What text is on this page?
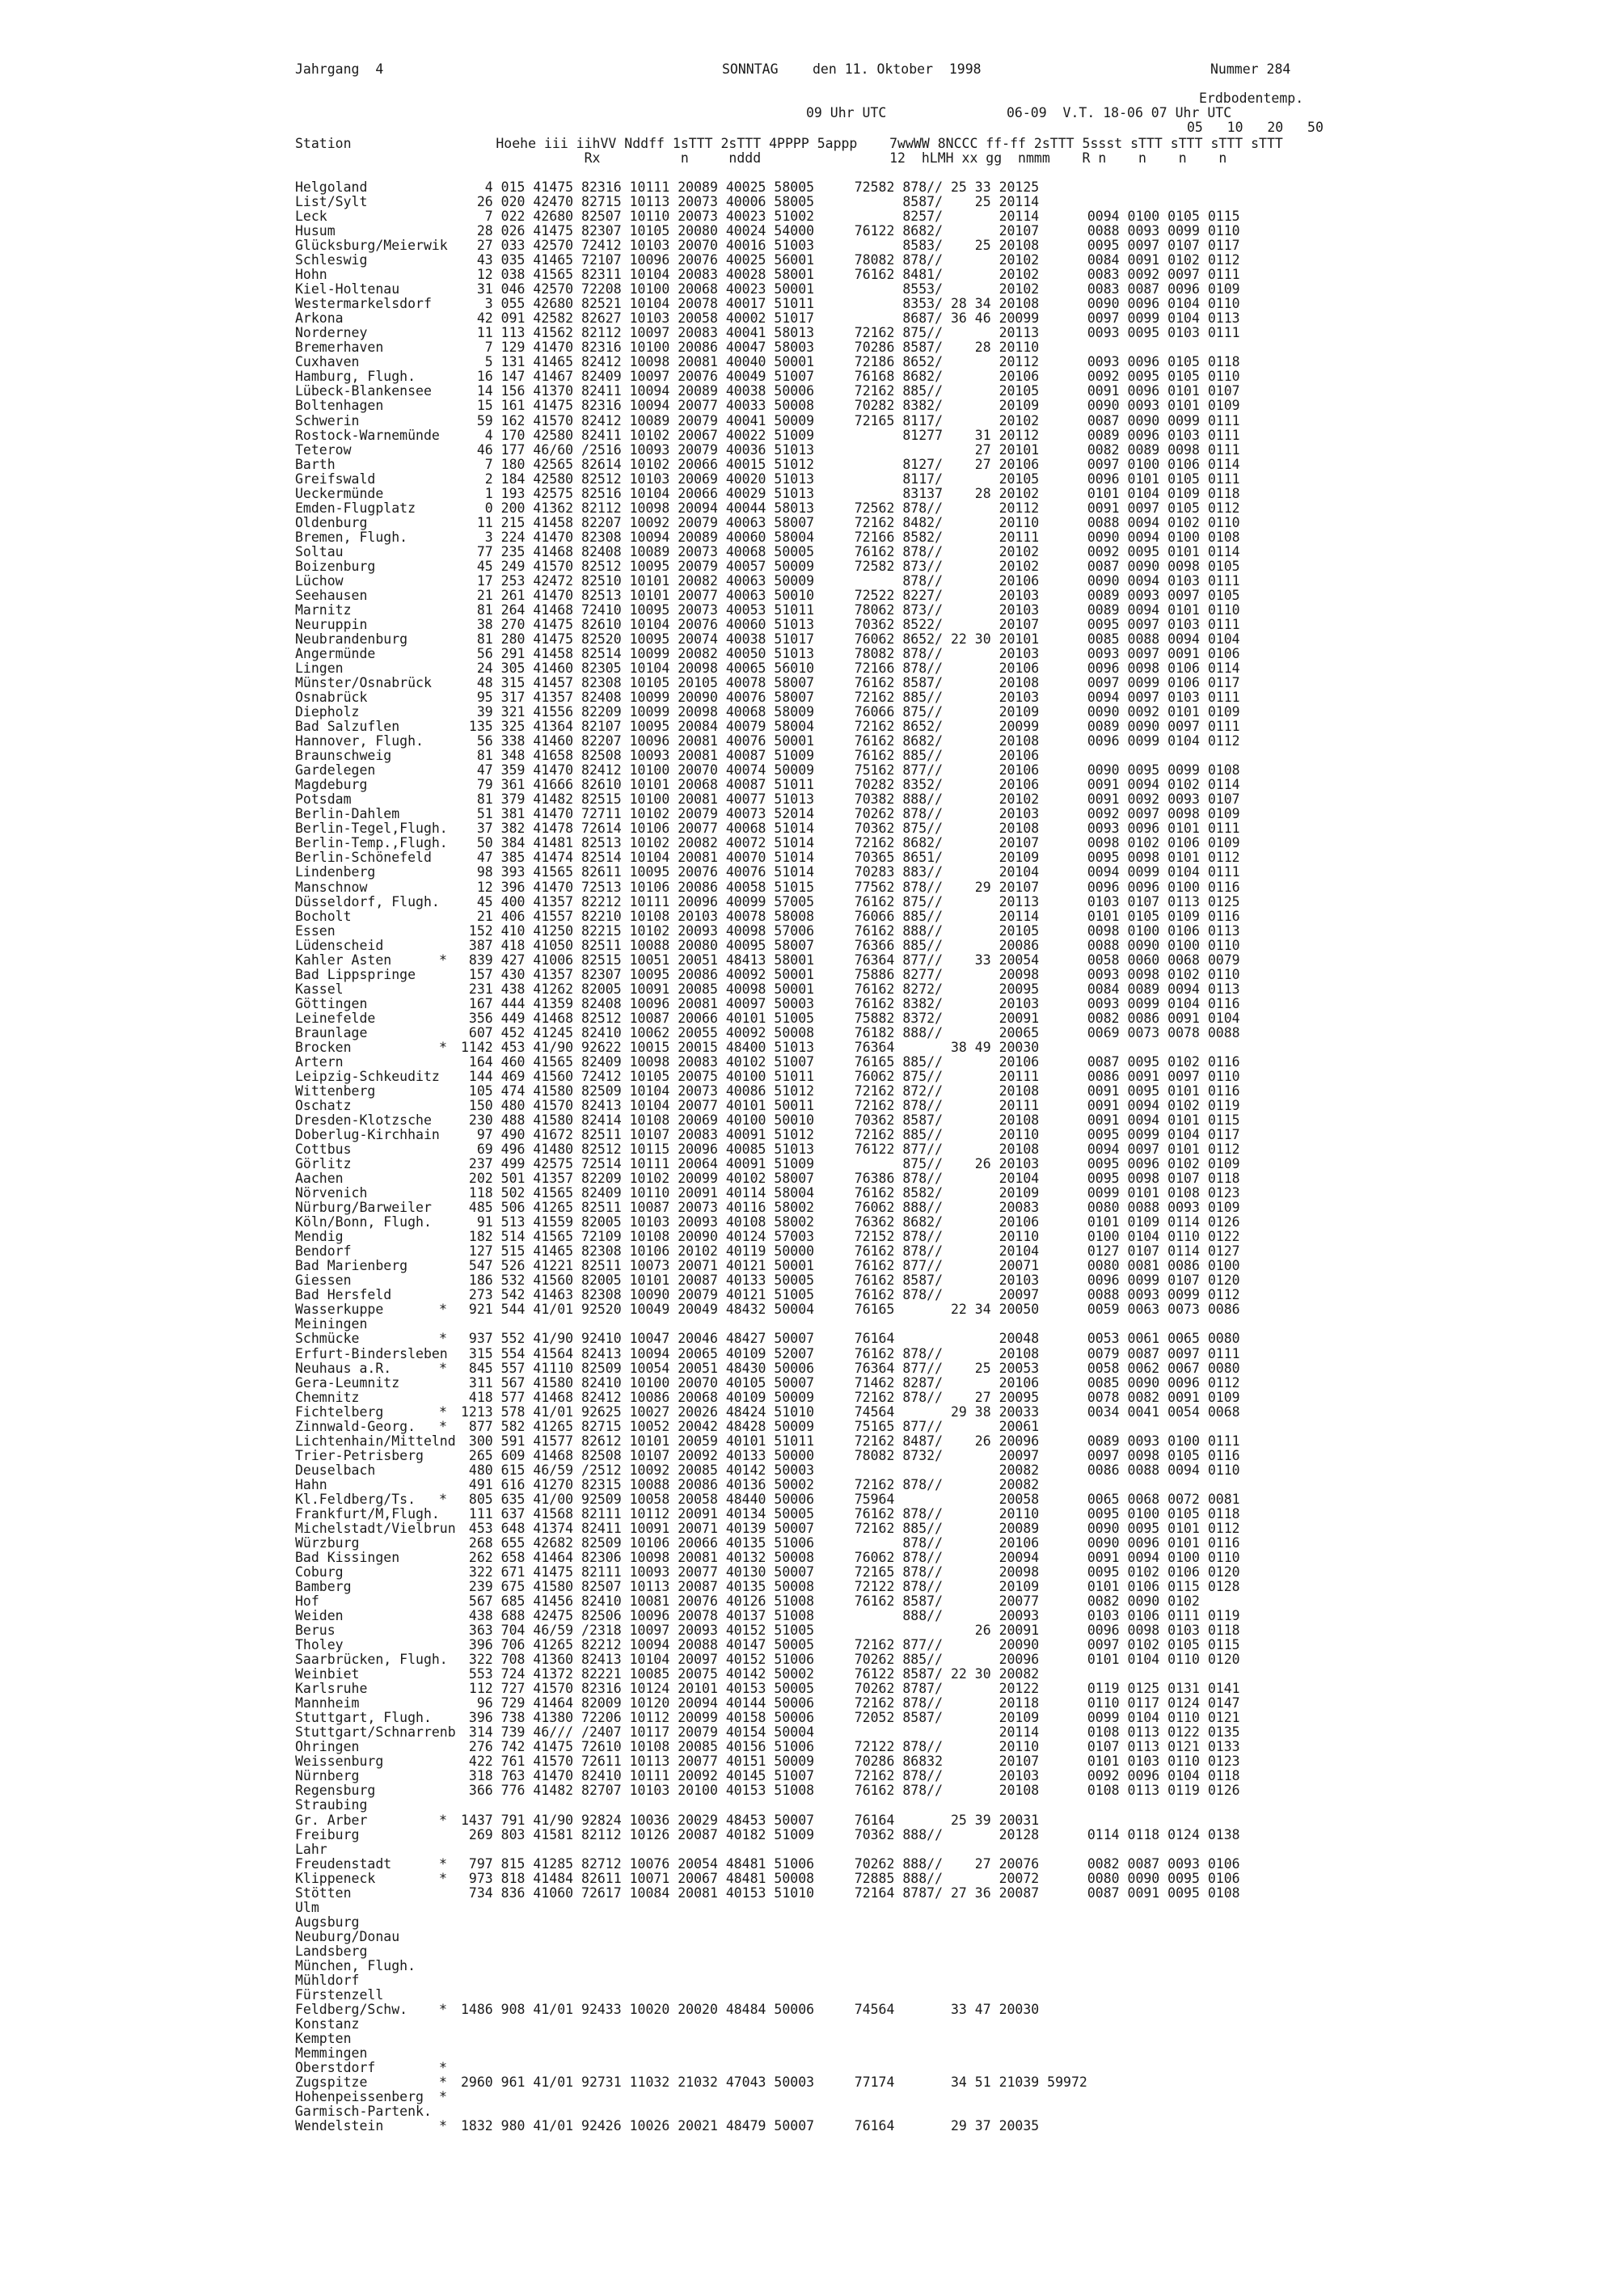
Jahrgang  4	SONNTAG	den 11. Oktober  1998	Nummer 284
Erdbodentemp.
09 Uhr UTC	06-09  V.T. 18-06 07 Uhr UTC
05   10   20   50
Station                  Hoehe iii iihVV Nddff 1sTTT 2sTTT 4PPPP 5appp    7wwWW 8NCCC ff-ff 2sTTT 5ssst sTTT sTTT sTTT sTTT
Rx          n     nddd                12  hLMH xx gg  nmmm    R n    n    n    n
Helgoland	4 015 41475 82316 10111 20089 40025 58005     72582 878// 25 33 20125
List/Sylt	26 020 42470 82715 10113 20073 40006 58005           8587/    25 20114
Leck	7 022 42680 82507 10110 20073 40023 51002           8257/       20114      0094 0100 0105 0115
Husum	28 026 41475 82307 10105 20080 40024 54000     76122 8682/       20107      0088 0093 0099 0110
Glücksburg/Meierwik 27 033 42570 72412 10103 20070 40016 51003           8583/    25 20108      0095 0097 0107 0117
Schleswig	43 035 41465 72107 10096 20076 40025 56001     78082 878//       20102      0084 0091 0102 0112
Hohn	12 038 41565 82311 10104 20083 40028 58001     76162 8481/       20102      0083 0092 0097 0111
Kiel-Holtenau	31 046 42570 72208 10100 20068 40023 50001           8553/       20102      0083 0087 0096 0109
Westermarkelsdorf	3 055 42680 82521 10104 20078 40017 51011           8353/ 28 34 20108      0090 0096 0104 0110
Arkona	42 091 42582 82627 10103 20058 40002 51017           8687/ 36 46 20099      0097 0099 0104 0113
Norderney	11 113 41562 82112 10097 20083 40041 58013     72162 875//       20113      0093 0095 0103 0111
Bremerhaven	7 129 41470 82316 10100 20086 40047 58003     70286 8587/    28 20110
Cuxhaven	5 131 41465 82412 10098 20081 40040 50001     72186 8652/       20112      0093 0096 0105 0118
Hamburg, Flugh.	16 147 41467 82409 10097 20076 40049 51007     76168 8682/       20106      0092 0095 0105 0110
Lübeck-Blankensee	14 156 41370 82411 10094 20089 40038 50006     72162 885//       20105      0091 0096 0101 0107
Boltenhagen	15 161 41475 82316 10094 20077 40033 50008     70282 8382/       20109      0090 0093 0101 0109
Schwerin	59 162 41570 82412 10089 20079 40041 50009     72165 8117/       20102      0087 0090 0099 0111
Rostock-Warnemünde	4 170 42580 82411 10102 20067 40022 51009           81277    31 20112      0089 0096 0103 0111
Teterow	46 177 46/60 /2516 10093 20079 40036 51013                    27 20101      0082 0089 0098 0111
Barth	7 180 42565 82614 10102 20066 40015 51012           8127/    27 20106      0097 0100 0106 0114
Greifswald	2 184 42580 82512 10103 20069 40020 51013           8117/       20105      0096 0101 0105 0111
Ueckermünde	1 193 42575 82516 10104 20066 40029 51013           83137    28 20102      0101 0104 0109 0118
Emden-Flugplatz	0 200 41362 82112 10098 20094 40044 58013     72562 878//       20112      0091 0097 0105 0112
Oldenburg	11 215 41458 82207 10092 20079 40063 58007     72162 8482/       20110      0088 0094 0102 0110
Bremen, Flugh.	3 224 41470 82308 10094 20089 40060 58004     72166 8582/       20111      0090 0094 0100 0108
Soltau	77 235 41468 82408 10089 20073 40068 50005     76162 878//       20102      0092 0095 0101 0114
Boizenburg	45 249 41570 82512 10095 20079 40057 50009     72582 873//       20102      0087 0090 0098 0105
Lüchow	17 253 42472 82510 10101 20082 40063 50009           878//       20106      0090 0094 0103 0111
Seehausen	21 261 41470 82513 10101 20077 40063 50010     72522 8227/       20103      0089 0093 0097 0105
Marnitz	81 264 41468 72410 10095 20073 40053 51011     78062 873//       20103      0089 0094 0101 0110
Neuruppin	38 270 41475 82610 10104 20076 40060 51013     70362 8522/       20107      0095 0097 0103 0111
Neubrandenburg	81 280 41475 82520 10095 20074 40038 51017     76062 8652/ 22 30 20101      0085 0088 0094 0104
Angermünde	56 291 41458 82514 10099 20082 40050 51013     78082 878//       20103      0093 0097 0091 0106
Lingen	24 305 41460 82305 10104 20098 40065 56010     72166 878//       20106      0096 0098 0106 0114
Münster/Osnabrück	48 315 41457 82308 10105 20105 40078 58007     76162 8587/       20108      0097 0099 0106 0117
Osnabrück	95 317 41357 82408 10099 20090 40076 58007     72162 885//       20103      0094 0097 0103 0111
Diepholz	39 321 41556 82209 10099 20098 40068 58009     76066 875//       20109      0090 0092 0101 0109
Bad Salzuflen	135 325 41364 82107 10095 20084 40079 58004     72162 8652/       20099      0089 0090 0097 0111
Hannover, Flugh.	56 338 41460 82207 10096 20081 40076 50001     76162 8682/       20108      0096 0099 0104 0112
Braunschweig	81 348 41658 82508 10093 20081 40087 51009     76162 885//       20106
Gardelegen	47 359 41470 82412 10100 20070 40074 50009     75162 877//       20106      0090 0095 0099 0108
Magdeburg	79 361 41666 82610 10101 20068 40087 51011     70282 8352/       20106      0091 0094 0102 0114
Potsdam	81 379 41482 82515 10100 20081 40077 51013     70382 888//       20102      0091 0092 0093 0107
Berlin-Dahlem	51 381 41470 72711 10102 20079 40073 52014     70262 878//       20103      0092 0097 0098 0109
Berlin-Tegel,Flugh. 37 382 41478 72614 10106 20077 40068 51014     70362 875//       20108      0093 0096 0101 0111
Berlin-Temp.,Flugh. 50 384 41481 82513 10102 20082 40072 51014     72162 8682/       20107      0098 0102 0106 0109
Berlin-Schönefeld	47 385 41474 82514 10104 20081 40070 51014     70365 8651/       20109      0095 0098 0101 0112
Lindenberg	98 393 41565 82611 10095 20076 40076 51014     70283 883//       20104      0094 0099 0104 0111
Manschnow	12 396 41470 72513 10106 20086 40058 51015     77562 878//    29 20107      0096 0096 0100 0116
Düsseldorf, Flugh.	45 400 41357 82212 10111 20096 40099 57005     76162 875//       20113      0103 0107 0113 0125
Bocholt	21 406 41557 82210 10108 20103 40078 58008     76066 885//       20114      0101 0105 0109 0116
Essen	152 410 41250 82215 10102 20093 40098 57006     76162 888//       20105      0098 0100 0106 0113
Lüdenscheid	387 418 41050 82511 10088 20080 40095 58007     76366 885//       20086      0088 0090 0100 0110
Kahler Asten	* 839 427 41006 82515 10051 20051 48413 58001     76364 877//    33 20054      0058 0060 0068 0079
Bad Lippspringe	157 430 41357 82307 10095 20086 40092 50001     75886 8277/       20098      0093 0098 0102 0110
Kassel	231 438 41262 82005 10091 20085 40098 50001     76162 8272/       20095      0084 0089 0094 0113
Göttingen	167 444 41359 82408 10096 20081 40097 50003     76162 8382/       20103      0093 0099 0104 0116
Leinefelde	356 449 41468 82512 10087 20066 40101 51005     75882 8372/       20091      0082 0086 0091 0104
Braunlage	607 452 41245 82410 10062 20055 40092 50008     76182 888//       20065      0069 0073 0078 0088
Brocken	* 1142 453 41/90 92622 10015 20015 48400 51013     76364       38 49 20030
Artern	164 460 41565 82409 10098 20083 40102 51007     76165 885//       20106      0087 0095 0102 0116
Leipzig-Schkeuditz	144 469 41560 72412 10105 20075 40100 51011     76062 875//       20111      0086 0091 0097 0110
Wittenberg	105 474 41580 82509 10104 20073 40086 51012     72162 872//       20108      0091 0095 0101 0116
Oschatz	150 480 41570 82413 10104 20077 40101 50011     72162 878//       20111      0091 0094 0102 0119
Dresden-Klotzsche	230 488 41580 82414 10108 20069 40100 50010     70362 8587/       20108      0091 0094 0101 0115
Doberlug-Kirchhain	97 490 41672 82511 10107 20083 40091 51012     72162 885//       20110      0095 0099 0104 0117
Cottbus	69 496 41480 82512 10115 20096 40085 51013     76122 877//       20108      0094 0097 0101 0112
Görlitz	237 499 42575 72514 10111 20064 40091 51009           875//    26 20103      0095 0096 0102 0109
Aachen	202 501 41357 82209 10102 20099 40102 58007     76386 878//       20104      0095 0098 0107 0118
Nörvenich	118 502 41565 82409 10110 20091 40114 58004     76162 8582/       20109      0099 0101 0108 0123
Nürburg/Barweiler	485 506 41265 82511 10087 20073 40116 58002     76062 888//       20083      0080 0088 0093 0109
Köln/Bonn, Flugh.	91 513 41559 82005 10103 20093 40108 58002     76362 8682/       20106      0101 0109 0114 0126
Mendig	182 514 41565 72109 10108 20090 40124 57003     72152 878//       20110      0100 0104 0110 0122
Bendorf	127 515 41465 82308 10106 20102 40119 50000     76162 878//       20104      0127 0107 0114 0127
Bad Marienberg	547 526 41221 82511 10073 20071 40121 50001     76162 877//       20071      0080 0081 0086 0100
Giessen	186 532 41560 82005 10101 20087 40133 50005     76162 8587/       20103      0096 0099 0107 0120
Bad Hersfeld	273 542 41463 82308 10090 20079 40121 51005     76162 878//       20097      0088 0093 0099 0112
Wasserkuppe	* 921 544 41/01 92520 10049 20049 48432 50004     76165       22 34 20050      0059 0063 0073 0086
Meiningen
Schmücke	* 937 552 41/90 92410 10047 20046 48427 50007     76164             20048      0053 0061 0065 0080
Erfurt-Bindersleben 315 554 41564 82413 10094 20065 40109 52007     76162 878//       20108      0079 0087 0097 0111
Neuhaus a.R.	* 845 557 41110 82509 10054 20051 48430 50006     76364 877//    25 20053      0058 0062 0067 0080
Gera-Leumnitz	311 567 41580 82410 10100 20070 40105 50007     71462 8287/       20106      0085 0090 0096 0112
Chemnitz	418 577 41468 82412 10086 20068 40109 50009     72162 878//    27 20095      0078 0082 0091 0109
Fichtelberg	* 1213 578 41/01 92625 10027 20026 48424 51010     74564       29 38 20033      0034 0041 0054 0068
Zinnwald-Georg.	* 877 582 41265 82715 10052 20042 48428 50009     75165 877//       20061
Lichtenhain/Mittelnd 300 591 41577 82612 10101 20059 40101 51011     72162 8487/    26 20096      0089 0093 0100 0111
Trier-Petrisberg	265 609 41468 82508 10107 20092 40133 50000     78082 8732/       20097      0097 0098 0105 0116
Deuselbach	480 615 46/59 /2512 10092 20085 40142 50003                       20082      0086 0088 0094 0110
Hahn	491 616 41270 82315 10088 20086 40136 50002     72162 878//       20082
Kl.Feldberg/Ts.	* 805 635 41/00 92509 10058 20058 48440 50006     75964             20058      0065 0068 0072 0081
Frankfurt/M,Flugh.	111 637 41568 82111 10112 20091 40134 50005     76162 878//       20110      0095 0100 0105 0118
Michelstadt/Vielbrun 453 648 41374 82411 10091 20071 40139 50007     72162 885//       20089      0090 0095 0101 0112
Würzburg	268 655 42682 82509 10106 20066 40135 51006           878//       20106      0090 0096 0101 0116
Bad Kissingen	262 658 41464 82306 10098 20081 40132 50008     76062 878//       20094      0091 0094 0100 0110
Coburg	322 671 41475 82111 10093 20077 40130 50007     72165 878//       20098      0095 0102 0106 0120
Bamberg	239 675 41580 82507 10113 20087 40135 50008     72122 878//       20109      0101 0106 0115 0128
Hof	567 685 41456 82410 10081 20076 40126 51008     76162 8587/       20077      0082 0090 0102
Weiden	438 688 42475 82506 10096 20078 40137 51008           888//       20093      0103 0106 0111 0119
Berus	363 704 46/59 /2318 10097 20093 40152 51005                    26 20091      0096 0098 0103 0118
Tholey	396 706 41265 82212 10094 20088 40147 50005     72162 877//       20090      0097 0102 0105 0115
Saarbrücken, Flugh. 322 708 41360 82413 10104 20097 40152 51006     70262 885//       20096      0101 0104 0110 0120
Weinbiet	553 724 41372 82221 10085 20075 40142 50002     76122 8587/ 22 30 20082
Karlsruhe	112 727 41570 82316 10124 20101 40153 50005     70262 8787/       20122      0119 0125 0131 0141
Mannheim	96 729 41464 82009 10120 20094 40144 50006     72162 878//       20118      0110 0117 0124 0147
Stuttgart, Flugh.	396 738 41380 72206 10112 20099 40158 50006     72052 8587/       20109      0099 0104 0110 0121
Stuttgart/Schnarrenb 314 739 46/// /2407 10117 20079 40154 50004                       20114      0108 0113 0122 0135
Öhringen	276 742 41475 72610 10108 20085 40156 51006     72122 878//       20110      0107 0113 0121 0133
Weissenburg	422 761 41570 72611 10113 20077 40151 50009     70286 86832       20107      0101 0103 0110 0123
Nürnberg	318 763 41470 82410 10111 20092 40145 51007     72162 878//       20103      0092 0096 0104 0118
Regensburg	366 776 41482 82707 10103 20100 40153 51008     76162 878//       20108      0108 0113 0119 0126
Straubing
Gr. Arber	* 1437 791 41/90 92824 10036 20029 48453 50007     76164       25 39 20031
Freiburg	269 803 41581 82112 10126 20087 40182 51009     70362 888//       20128      0114 0118 0124 0138
Lahr
Freudenstadt	* 797 815 41285 82712 10076 20054 48481 51006     70262 888//    27 20076      0082 0087 0093 0106
Klippeneck	* 973 818 41484 82611 10071 20067 48481 50008     72885 888//       20072      0080 0090 0095 0106
Stötten	734 836 41060 72617 10084 20081 40153 51010     72164 8787/ 27 36 20087      0087 0091 0095 0108
Ulm
Augsburg
Neuburg/Donau
Landsberg
München, Flugh.
Mühldorf
Fürstenzell
Feldberg/Schw.	* 1486 908 41/01 92433 10020 20020 48484 50006     74564       33 47 20030
Konstanz
Kempten
Memmingen
Oberstdorf	*
Zugspitze	* 2960 961 41/01 92731 11032 21032 47043 50003     77174       34 51 21039 59972
Hohenpeissenberg	*
Garmisch-Partenk.
Wendelstein	* 1832 980 41/01 92426 10026 20021 48479 50007     76164       29 37 20035
